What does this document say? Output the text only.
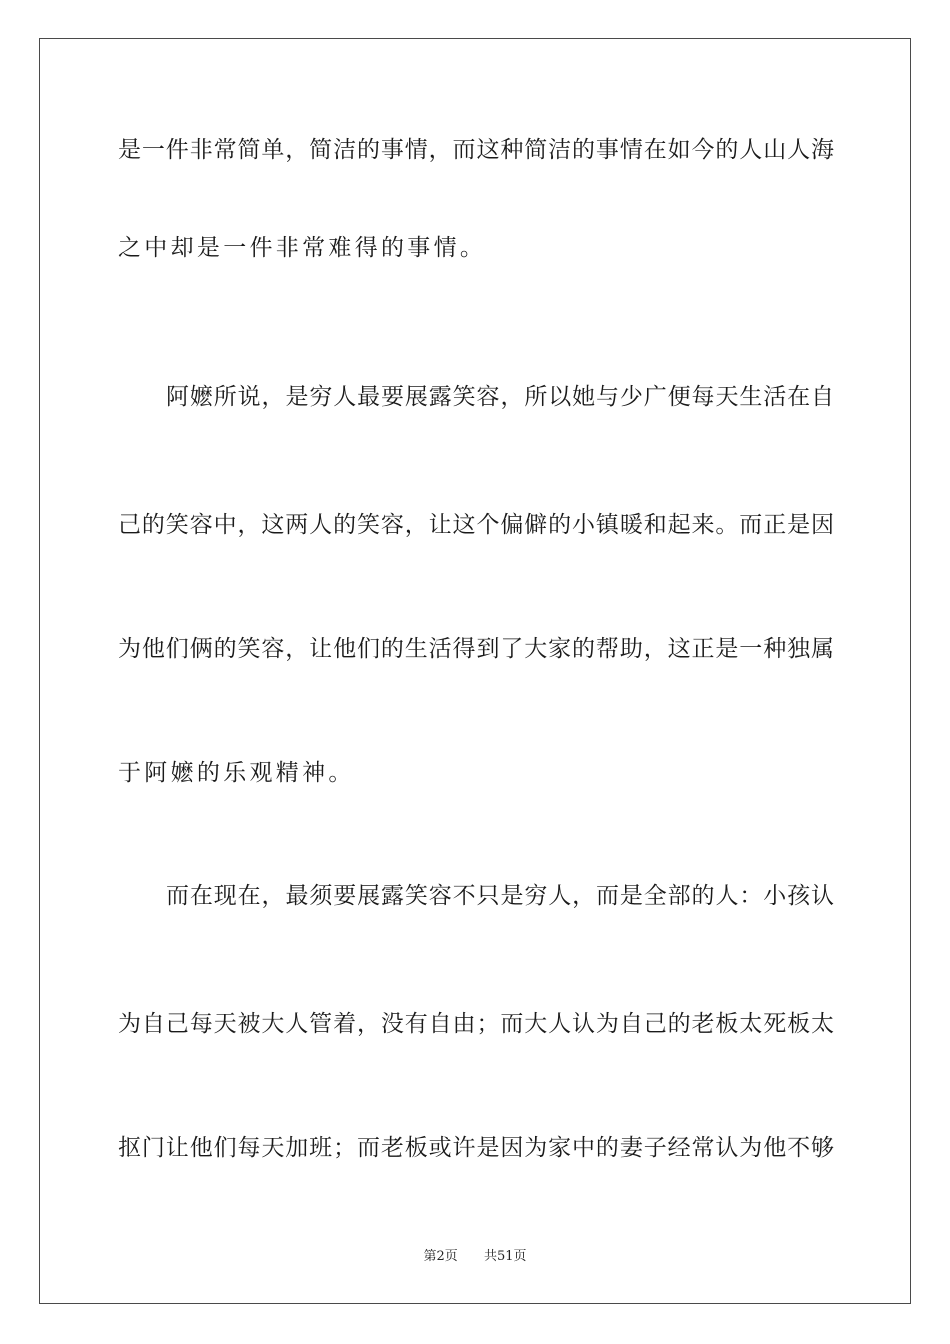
是一件非常简单，简洁的事情，而这种简洁的事情在如今的人山人海
之中却是一件非常难得的事情。
阿嬷所说，是穷人最要展露笑容，所以她与少广便每天生活在自
己的笑容中，这两人的笑容，让这个偏僻的小镇暖和起来。而正是因
为他们俩的笑容，让他们的生活得到了大家的帮助，这正是一种独属
于阿嬷的乐观精神。
而在现在，最须要展露笑容不只是穷人，而是全部的人：小孩认
为自己每天被大人管着，没有自由；而大人认为自己的老板太死板太
抠门让他们每天加班；而老板或许是因为家中的妻子经常认为他不够
第2页 共51页
